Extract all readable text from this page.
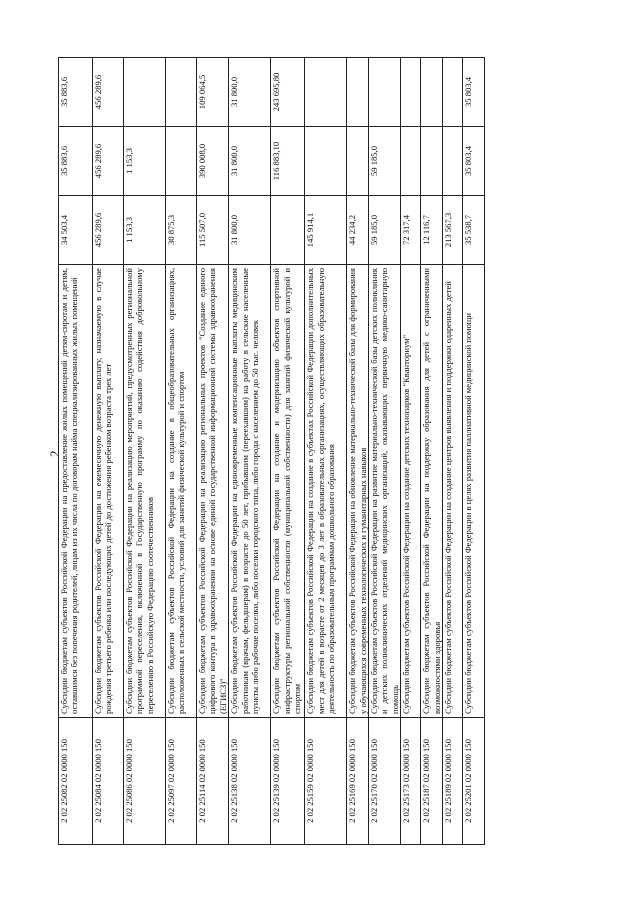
2
2 02 25082 02 0000 150	Субсидии бюджетам субъектов Российской Федерации на предоставление жилых помещений детям-сиротам и детям, оставшимся без попечения родителей, лицам из их числа по договорам найма специализированных жилых помещений	34 503,4	35 883,6	35 883,6
2 02 25084 02 0000 150	Субсидии бюджетам субъектов Российской Федерации на ежемесячную денежную выплату, назначаемую в случае рождения третьего ребенка или последующих детей до достижения ребенком возраста трех лет	456 289,6	456 289,6	456 289,6
2 02 25086 02 0000 150	Субсидии бюджетам субъектов Российской Федерации на реализацию мероприятий, предусмотренных региональной программой переселения, включенной в Государственную программу по оказанию содействия добровольному переселению в Российскую Федерацию соотечественников	1 153,3	1 153,3	
2 02 25097 02 0000 150	Субсидии бюджетам субъектов Российской Федерации на создание в общеобразовательных организациях, расположенных в сельской местности, условий для занятий физической культурой и спортом	30 875,3		
2 02 25114 02 0000 150	Субсидии бюджетам субъектов Российской Федерации на реализацию региональных проектов "Создание единого цифрового контура в здравоохранении на основе единой государственной информационной системы здравоохранения (ЕГИСЗ)"	115 507,0	390 008,0	109 064,5
2 02 25138 02 0000 150	Субсидии бюджетам субъектов Российской Федерации на единовременные компенсационные выплаты медицинским работникам (врачам, фельдшерам) в возрасте до 50 лет, прибывшим (переехавшим) на работу в сельские населенные пункты либо рабочие поселки, либо поселки городского типа, либо города с населением до 50 тыс. человек	31 800,0	31 800,0	31 800,0
2 02 25139 02 0000 150	Субсидии бюджетам субъектов Российской Федерации на создание и модернизацию объектов спортивной инфраструктуры региональной собственности (муниципальной собственности) для занятий физической культурой и спортом		116 883,10	243 695,80
2 02 25159 02 0000 150	Субсидии бюджетам субъектов Российской Федерации на создание в субъектах Российской Федерации дополнительных мест для детей в возрасте от 2 месяцев до 3 лет в образовательных организациях, осуществляющих образовательную деятельность по образовательным программам дошкольного образования	145 914,1		
2 02 25169 02 0000 150	Субсидии бюджетам субъектов Российской Федерации на обновление материально-технической базы для формирования у обучающихся современных технологических и гуманитарных навыков	44 234,2		
2 02 25170 02 0000 150	Субсидии бюджетам субъектов Российской Федерации на развитие материально-технической базы детских поликлиник и детских поликлинических отделений медицинских организаций, оказывающих первичную медико-санитарную помощь	59 185,0	59 185,0	
2 02 25173 02 0000 150	Субсидии бюджетам субъектов Российской Федерации на создание детских технопарков "Кванториум"	72 317,4		
2 02 25187 02 0000 150	Субсидии бюджетам субъектов Российской Федерации на поддержку образования для детей с ограниченными возможностями здоровья	12 116,7		
2 02 25189 02 0000 150	Субсидии бюджетам субъектов Российской Федерации на создание центров выявления и поддержки одаренных детей	213 567,3		
2 02 25201 02 0000 150	Субсидии бюджетам субъектов Российской Федерации в целях развития паллиативной медицинской помощи	35 538,7	35 803,4	35 803,4
